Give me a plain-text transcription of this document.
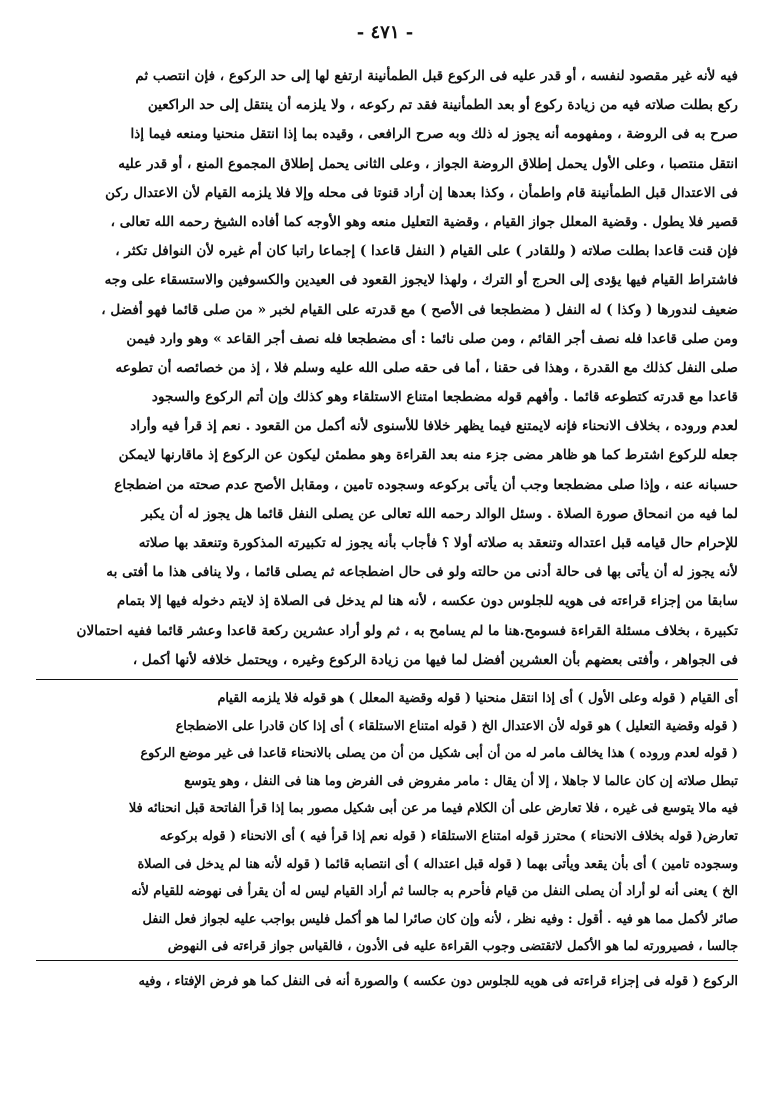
- ٤٧١ -

فيه لأنه غير مقصود لنفسه ، أو قدر عليه فى الركوع قبل الطمأنينة ارتفع لها إلى حد الركوع ، فإن انتصب ثم

ركع بطلت صلاته فيه من زيادة ركوع أو بعد الطمأنينة فقد تم ركوعه ، ولا يلزمه أن ينتقل إلى حد الراكعين

صرح به فى الروضة ، ومفهومه أنه يجوز له ذلك وبه صرح الرافعى ، وقيده بما إذا انتقل منحنيا ومنعه فيما إذا

انتقل منتصبا ، وعلى الأول يحمل إطلاق الروضة الجواز ، وعلى الثانى يحمل إطلاق المجموع المنع ، أو قدر عليه

فى الاعتدال قبل الطمأنينة قام واطمأن ، وكذا بعدها إن أراد قنوتا فى محله وإلا فلا يلزمه القيام لأن الاعتدال ركن

قصير فلا يطول . وقضية المعلل جواز القيام ، وقضية التعليل منعه وهو الأوجه كما أفاده الشيخ رحمه الله تعالى ،

فإن قنت قاعدا بطلت صلاته ( وللقادر ) على القيام ( النفل قاعدا ) إجماعا راتبا كان أم غيره لأن النوافل تكثر ،

فاشتراط القيام فيها يؤدى إلى الحرج أو الترك ، ولهذا لايجوز القعود فى العيدين والكسوفين والاستسقاء على وجه

ضعيف لندورها ( وكذا ) له النفل ( مضطجعا فى الأصح ) مع قدرته على القيام لخبر « من صلى قائما فهو أفضل ،

ومن صلى قاعدا فله نصف أجر القائم ، ومن صلى نائما : أى مضطجعا فله نصف أجر القاعد » وهو وارد فيمن

صلى النفل كذلك مع القدرة ، وهذا فى حقنا ، أما فى حقه صلى الله عليه وسلم فلا ، إذ من خصائصه أن تطوعه

قاعدا مع قدرته كتطوعه قائما . وأفهم قوله مضطجعا امتناع الاستلقاء وهو كذلك وإن أتم الركوع والسجود

لعدم وروده ، بخلاف الانحناء فإنه لايمتنع فيما يظهر خلافا للأسنوى لأنه أكمل من القعود . نعم إذ قرأ فيه وأراد

جعله للركوع اشترط كما هو ظاهر مضى جزء منه بعد القراءة وهو مطمئن ليكون عن الركوع إذ ماقارنها لايمكن

حسبانه عنه ، وإذا صلى مضطجعا وجب أن يأتى بركوعه وسجوده تامين ، ومقابل الأصح عدم صحته من اضطجاع

لما فيه من انمحاق صورة الصلاة . وسئل الوالد رحمه الله تعالى عن يصلى النفل قائما هل يجوز له أن يكبر

للإحرام حال قيامه قبل اعتداله وتنعقد به صلاته أولا ؟ فأجاب بأنه يجوز له تكبيرته المذكورة وتنعقد بها صلاته

لأنه يجوز له أن يأتى بها فى حالة أدنى من حالته ولو فى حال اضطجاعه ثم يصلى قائما ، ولا ينافى هذا ما أفتى به

سابقا من إجزاء قراءته فى هويه للجلوس دون عكسه ، لأنه هنا لم يدخل فى الصلاة إذ لايتم دخوله فيها إلا بتمام

تكبيرة ، بخلاف مسئلة القراءة فسومح.هنا ما لم يسامح به ، ثم ولو أراد عشرين ركعة قاعدا وعشر قائما ففيه احتمالان

فى الجواهر ، وأفتى بعضهم بأن العشرين أفضل لما فيها من زيادة الركوع وغيره ، ويحتمل خلافه لأنها أكمل ،

أى القيام ( قوله وعلى الأول ) أى إذا انتقل منحنيا ( قوله وقضية المعلل ) هو قوله فلا يلزمه القيام

( قوله وقضية التعليل ) هو قوله لأن الاعتدال الخ ( قوله امتناع الاستلقاء ) أى إذا كان قادرا على الاضطجاع

( قوله لعدم وروده ) هذا يخالف مامر له من أن أبى شكيل من أن من يصلى بالانحناء قاعدا فى غير موضع الركوع

تبطل صلاته إن كان عالما لا جاهلا ، إلا أن يقال : مامر مفروض فى الفرض وما هنا فى النفل ، وهو يتوسع

فيه مالا يتوسع فى غيره ، فلا تعارض على أن الكلام فيما مر عن أبى شكيل مصور بما إذا قرأ الفاتحة قبل انحنائه فلا

تعارض( قوله بخلاف الانحناء ) محترز قوله امتناع الاستلقاء ( قوله نعم إذا قرأ فيه ) أى الانحناء ( قوله بركوعه

وسجوده تامين ) أى بأن يقعد ويأتى بهما ( قوله قبل اعتداله ) أى انتصابه قائما ( قوله لأنه هنا لم يدخل فى الصلاة

الخ ) يعنى أنه لو أراد أن يصلى النفل من قيام فأحرم به جالسا ثم أراد القيام ليس له أن يقرأ فى نهوضه للقيام لأنه

صائر لأكمل مما هو فيه . أقول : وفيه نظر ، لأنه وإن كان صائرا لما هو أكمل فليس بواجب عليه لجواز فعل النفل

جالسا ، فصيرورته لما هو الأكمل لاتقتضى وجوب القراءة عليه فى الأدون ، فالقياس جواز قراءته فى النهوض

الركوع ( قوله فى إجزاء قراءته فى هويه للجلوس دون عكسه ) والصورة أنه فى النفل كما هو فرض الإفتاء ، وفيه
